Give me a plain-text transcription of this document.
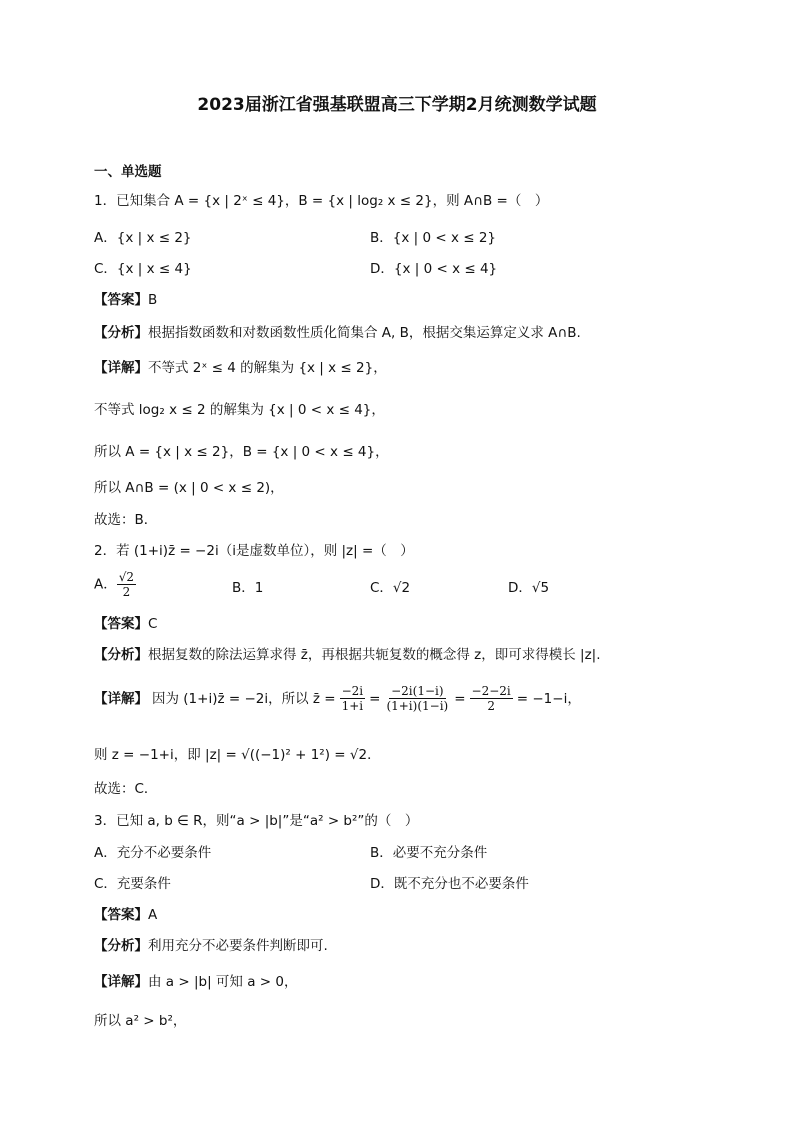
2023届浙江省强基联盟高三下学期2月统测数学试题
一、单选题
1．已知集合 A = {x | 2ˣ ≤ 4}，B = {x | log₂ x ≤ 2}，则 A∩B =（　）
A．{x | x ≤ 2}	B．{x | 0 < x ≤ 2}
C．{x | x ≤ 4}	D．{x | 0 < x ≤ 4}
【答案】B
【分析】根据指数函数和对数函数性质化简集合 A, B，根据交集运算定义求 A∩B.
【详解】不等式 2ˣ ≤ 4 的解集为 {x | x ≤ 2}，
不等式 log₂ x ≤ 2 的解集为 {x | 0 < x ≤ 4}，
所以 A = {x | x ≤ 2}，B = {x | 0 < x ≤ 4}，
所以 A∩B = (x | 0 < x ≤ 2)，
故选：B．
2．若 (1+i)z̄ = −2i（i是虚数单位），则 |z| =（　）
A． $\frac{√2}{2}$	B．1	C．√2	D．√5
【答案】C
【分析】根据复数的除法运算求得 z̄，再根据共轭复数的概念得 z，即可求得模长 |z|.
【详解】 因为 (1+i)z̄ = −2i，所以 z̄ = $\frac{-2i}{1+i} = \frac{-2i(1-i)}{(1+i)(1-i)} = \frac{-2-2i}{2} = -1-i$，
则 z = −1+i，即 |z| = √((−1)² + 1²) = √2．
故选：C．
3．已知 a, b ∈ R，则“a > |b|”是“a² > b²”的（　）
A．充分不必要条件	B．必要不充分条件
C．充要条件	D．既不充分也不必要条件
【答案】A
【分析】利用充分不必要条件判断即可.
【详解】由 a > |b| 可知 a > 0，
所以 a² > b²，
